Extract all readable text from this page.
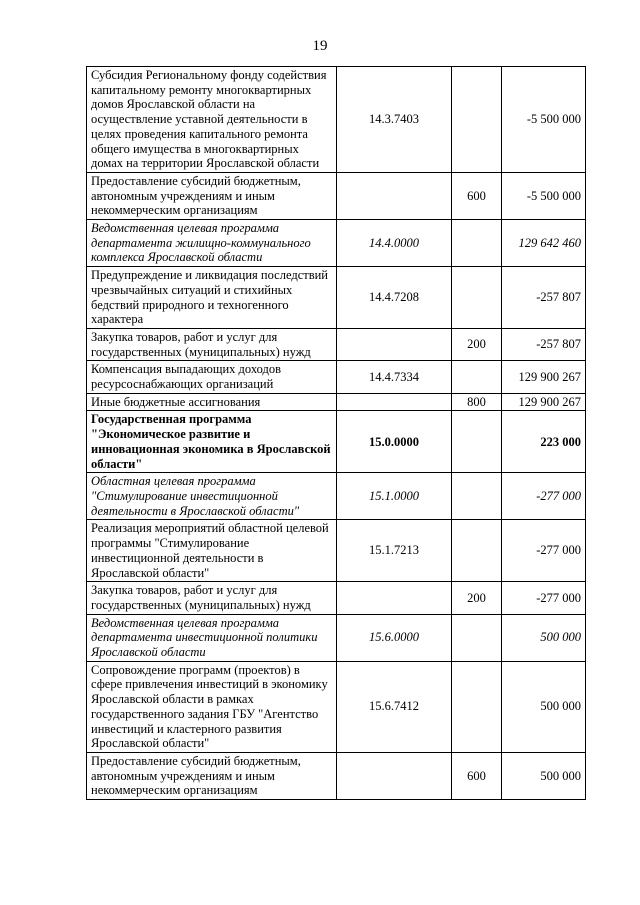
19
Субсидия Региональному фонду содействия капитальному ремонту многоквартирных домов Ярославской области на осуществление уставной деятельности в целях проведения капитального ремонта общего имущества в многоквартирных домах на территории Ярославской области	14.3.7403		-5 500 000
Предоставление субсидий бюджетным, автономным учреждениям и иным некоммерческим организациям		600	-5 500 000
Ведомственная целевая программа департамента жилищно-коммунального комплекса Ярославской области	14.4.0000		129 642 460
Предупреждение и ликвидация последствий чрезвычайных ситуаций и стихийных бедствий природного и техногенного характера	14.4.7208		-257 807
Закупка товаров, работ и услуг для государственных (муниципальных) нужд		200	-257 807
Компенсация выпадающих доходов ресурсоснабжающих организаций	14.4.7334		129 900 267
Иные бюджетные ассигнования		800	129 900 267
Государственная программа "Экономическое развитие и инновационная экономика в Ярославской области"	15.0.0000		223 000
Областная целевая программа "Стимулирование инвестиционной деятельности в Ярославской области"	15.1.0000		-277 000
Реализация мероприятий областной целевой программы "Стимулирование инвестиционной деятельности в Ярославской области"	15.1.7213		-277 000
Закупка товаров, работ и услуг для государственных (муниципальных) нужд		200	-277 000
Ведомственная целевая программа департамента инвестиционной политики Ярославской области	15.6.0000		500 000
Сопровождение программ (проектов) в сфере привлечения инвестиций в экономику Ярославской области в рамках государственного задания ГБУ "Агентство инвестиций и кластерного развития Ярославской области"	15.6.7412		500 000
Предоставление субсидий бюджетным, автономным учреждениям и иным некоммерческим организациям		600	500 000
